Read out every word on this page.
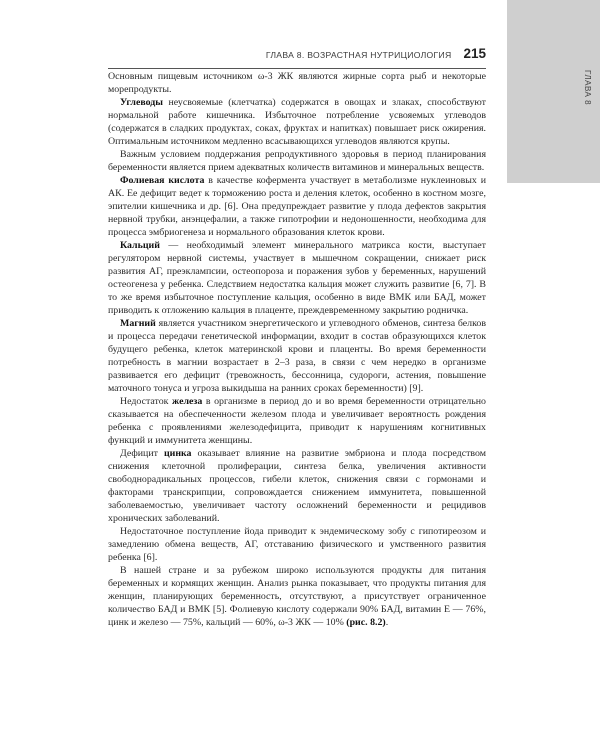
ГЛАВА 8
ГЛАВА 8. ВОЗРАСТНАЯ НУТРИЦИОЛОГИЯ 215

Основным пищевым источником ω-3 ЖК являются жирные сорта рыб и некоторые морепродукты.

Углеводы неусвояемые (клетчатка) содержатся в овощах и злаках, способствуют нормальной работе кишечника. Избыточное потребление усвояемых углеводов (содержатся в сладких продуктах, соках, фруктах и напитках) повышает риск ожирения. Оптимальным источником медленно всасывающихся углеводов являются крупы.

Важным условием поддержания репродуктивного здоровья в период планирования беременности является прием адекватных количеств витаминов и минеральных веществ.

Фолиевая кислота в качестве кофермента участвует в метаболизме нуклеиновых и АК. Ее дефицит ведет к торможению роста и деления клеток, особенно в костном мозге, эпителии кишечника и др. [6]. Она предупреждает развитие у плода дефектов закрытия нервной трубки, анэнцефалии, а также гипотрофии и недоношенности, необходима для процесса эмбриогенеза и нормального образования клеток крови.

Кальций — необходимый элемент минерального матрикса кости, выступает регулятором нервной системы, участвует в мышечном сокращении, снижает риск развития АГ, преэклампсии, остеопороза и поражения зубов у беременных, нарушений остеогенеза у ребенка. Следствием недостатка кальция может служить развитие [6, 7]. В то же время избыточное поступление кальция, особенно в виде ВМК или БАД, может приводить к отложению кальция в плаценте, преждевременному закрытию родничка.

Магний является участником энергетического и углеводного обменов, синтеза белков и процесса передачи генетической информации, входит в состав образующихся клеток будущего ребенка, клеток материнской крови и плаценты. Во время беременности потребность в магнии возрастает в 2–3 раза, в связи с чем нередко в организме развивается его дефицит (тревожность, бессонница, судороги, астения, повышение маточного тонуса и угроза выкидыша на ранних сроках беременности) [9].

Недостаток железа в организме в период до и во время беременности отрицательно сказывается на обеспеченности железом плода и увеличивает вероятность рождения ребенка с проявлениями железодефицита, приводит к нарушениям когнитивных функций и иммунитета женщины.

Дефицит цинка оказывает влияние на развитие эмбриона и плода посредством снижения клеточной пролиферации, синтеза белка, увеличения активности свободнорадикальных процессов, гибели клеток, снижения связи с гормонами и факторами транскрипции, сопровождается снижением иммунитета, повышенной заболеваемостью, увеличивает частоту осложнений беременности и рецидивов хронических заболеваний.

Недостаточное поступление йода приводит к эндемическому зобу с гипотиреозом и замедлению обмена веществ, АГ, отставанию физического и умственного развития ребенка [6].

В нашей стране и за рубежом широко используются продукты для питания беременных и кормящих женщин. Анализ рынка показывает, что продукты питания для женщин, планирующих беременность, отсутствуют, а присутствует ограниченное количество БАД и ВМК [5]. Фолиевую кислоту содержали 90% БАД, витамин Е — 76%, цинк и железо — 75%, кальций — 60%, ω-3 ЖК — 10% (рис. 8.2).
